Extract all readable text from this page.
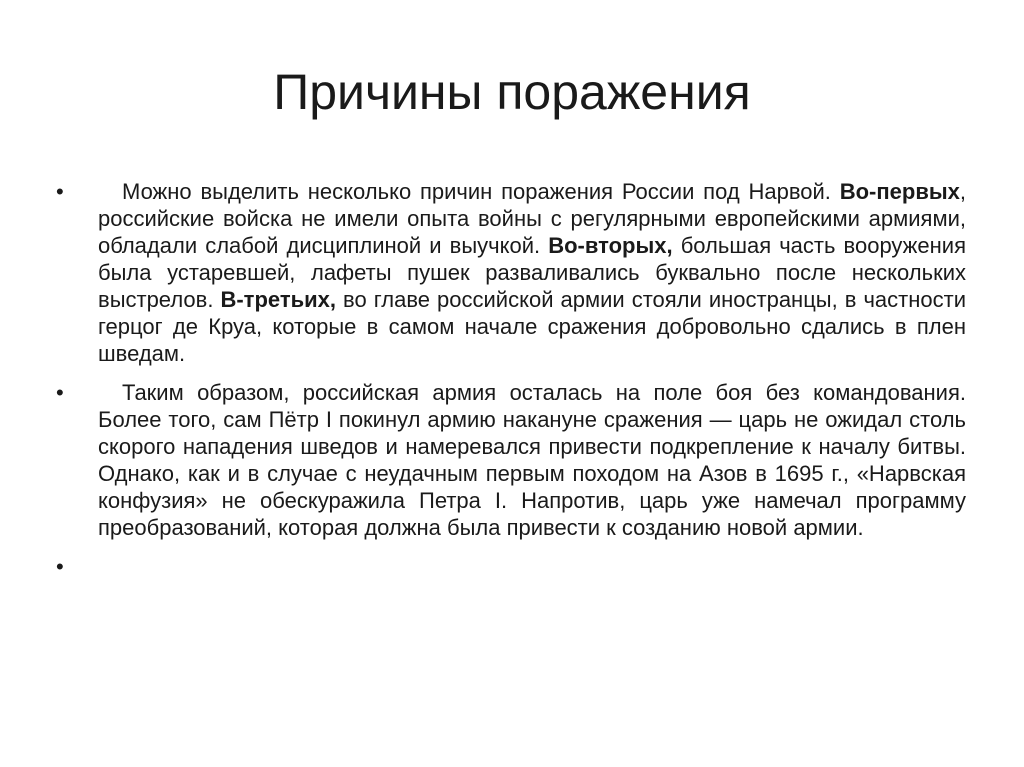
Причины поражения
•	Можно выделить несколько причин поражения России под Нарвой. Во-первых, российские войска не имели опыта войны с регулярными европейскими армиями, обладали слабой дисциплиной и выучкой. Во-вторых, большая часть вооружения была устаревшей, лафеты пушек разваливались буквально после нескольких выстрелов. В-третьих, во главе российской армии стояли иностранцы, в частности герцог де Круа, которые в самом начале сражения добровольно сдались в плен шведам.

•	Таким образом, российская армия осталась на поле боя без командования. Более того, сам Пётр I покинул армию накануне сражения — царь не ожидал столь скорого нападения шведов и намеревался привести подкрепление к началу битвы. Однако, как и в случае с неудачным первым походом на Азов в 1695 г., «Нарвская конфузия» не обескуражила Петра I. Напротив, царь уже намечал программу преобразований, которая должна была привести к созданию новой армии.

•
